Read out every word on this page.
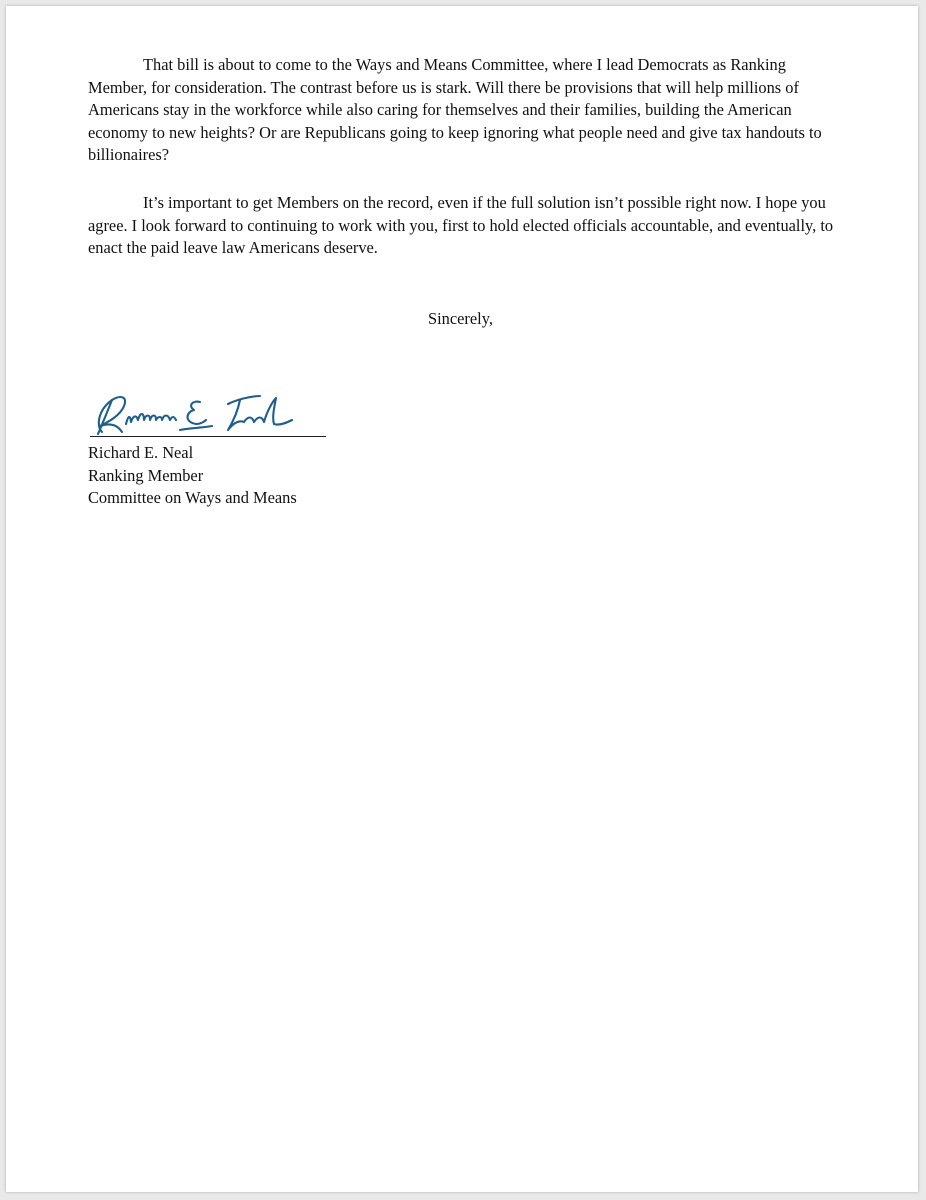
That bill is about to come to the Ways and Means Committee, where I lead Democrats as Ranking Member, for consideration. The contrast before us is stark. Will there be provisions that will help millions of Americans stay in the workforce while also caring for themselves and their families, building the American economy to new heights? Or are Republicans going to keep ignoring what people need and give tax handouts to billionaires?

It’s important to get Members on the record, even if the full solution isn’t possible right now. I hope you agree. I look forward to continuing to work with you, first to hold elected officials accountable, and eventually, to enact the paid leave law Americans deserve.

Sincerely,

Richard E. Neal
Ranking Member
Committee on Ways and Means
